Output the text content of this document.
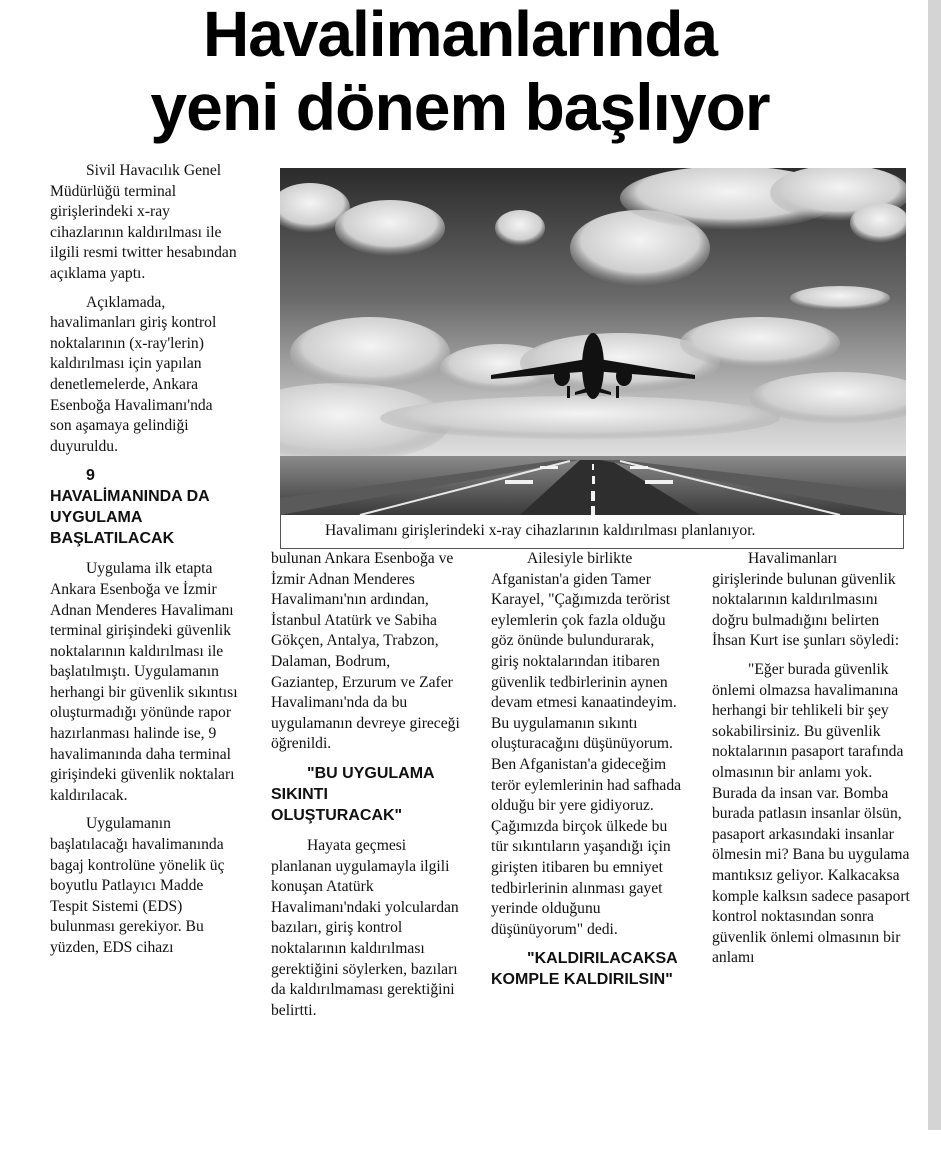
Havalimanlarında
yeni dönem başlıyor

Sivil Havacılık Genel Müdürlüğü terminal girişlerindeki x-ray cihazlarının kaldırılması ile ilgili resmi twitter hesabından açıklama yaptı.

Açıklamada, havalimanları giriş kontrol noktalarının (x-ray'lerin) kaldırılması için yapılan denetlemelerde, Ankara Esenboğa Havalimanı'nda son aşamaya gelindiği duyuruldu.

9
HAVALİMANINDA DA UYGULAMA BAŞLATILACAK

Uygulama ilk etapta Ankara Esenboğa ve İzmir Adnan Menderes Havalimanı terminal girişindeki güvenlik noktalarının kaldırılması ile başlatılmıştı. Uygulamanın herhangi bir güvenlik sıkıntısı oluşturmadığı yönünde rapor hazırlanması halinde ise, 9 havalimanında daha terminal girişindeki güvenlik noktaları kaldırılacak.

Uygulamanın başlatılacağı havalimanında bagaj kontrolüne yönelik üç boyutlu Patlayıcı Madde Tespit Sistemi (EDS) bulunması gerekiyor. Bu yüzden, EDS cihazı

Havalimanı girişlerindeki x-ray cihazlarının kaldırılması planlanıyor.

bulunan Ankara Esenboğa ve İzmir Adnan Menderes Havalimanı'nın ardından, İstanbul Atatürk ve Sabiha Gökçen, Antalya, Trabzon, Dalaman, Bodrum, Gaziantep, Erzurum ve Zafer Havalimanı'nda da bu uygulamanın devreye gireceği öğrenildi.

"BU UYGULAMA SIKINTI OLUŞTURACAK"

Hayata geçmesi planlanan uygulamayla ilgili konuşan Atatürk Havalimanı'ndaki yolculardan bazıları, giriş kontrol noktalarının kaldırılması gerektiğini söylerken, bazıları da kaldırılmaması gerektiğini belirtti.

Ailesiyle birlikte Afganistan'a giden Tamer Karayel, "Çağımızda terörist eylemlerin çok fazla olduğu göz önünde bulundurarak, giriş noktalarından itibaren güvenlik tedbirlerinin aynen devam etmesi kanaatindeyim. Bu uygulamanın sıkıntı oluşturacağını düşünüyorum. Ben Afganistan'a gideceğim terör eylemlerinin had safhada olduğu bir yere gidiyoruz. Çağımızda birçok ülkede bu tür sıkıntıların yaşandığı için girişten itibaren bu emniyet tedbirlerinin alınması gayet yerinde olduğunu düşünüyorum" dedi.

"KALDIRILACAKSA KOMPLE KALDIRILSIN"

Havalimanları girişlerinde bulunan güvenlik noktalarının kaldırılmasını doğru bulmadığını belirten İhsan Kurt ise şunları söyledi:

"Eğer burada güvenlik önlemi olmazsa havalimanına herhangi bir tehlikeli bir şey sokabilirsiniz. Bu güvenlik noktalarının pasaport tarafında olmasının bir anlamı yok. Burada da insan var. Bomba burada patlasın insanlar ölsün, pasaport arkasındaki insanlar ölmesin mi? Bana bu uygulama mantıksız geliyor. Kalkacaksa komple kalksın sadece pasaport kontrol noktasından sonra güvenlik önlemi olmasının bir anlamı
